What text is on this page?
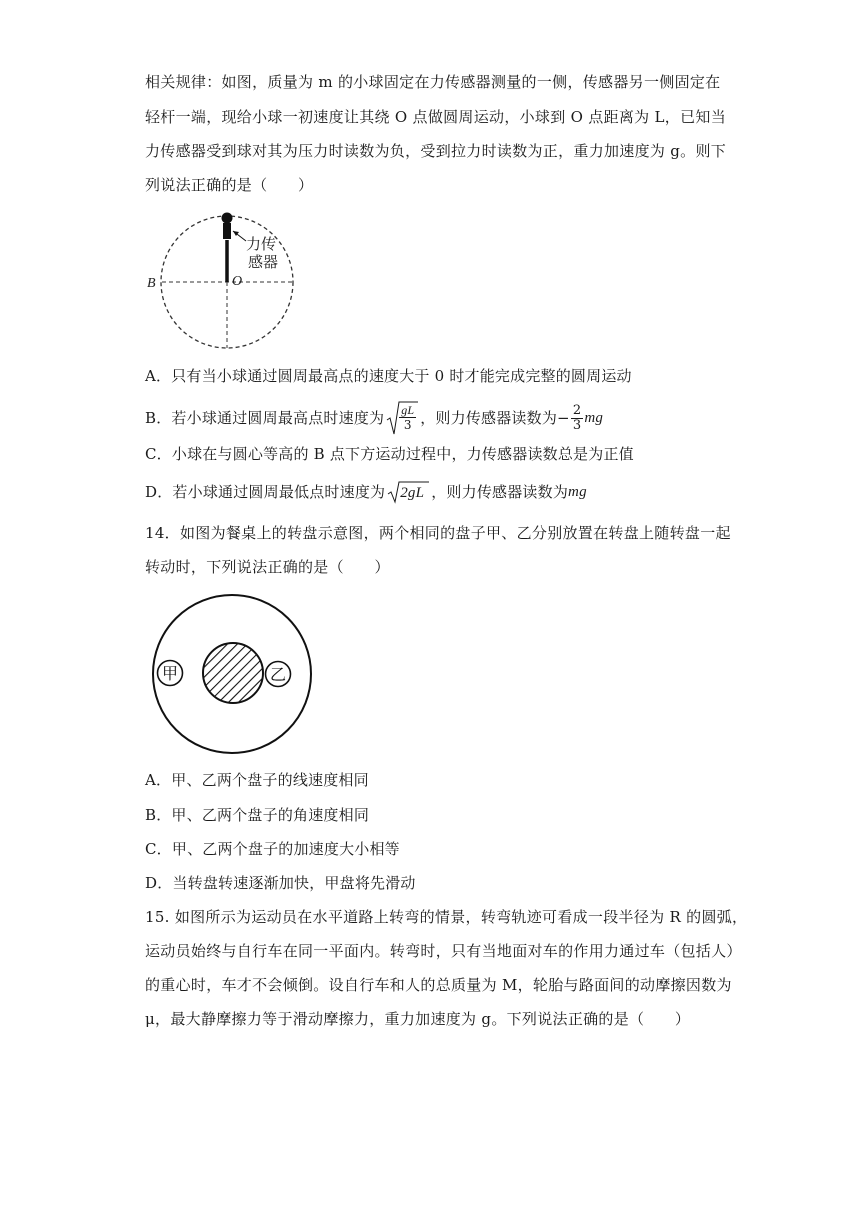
相关规律：如图，质量为 m 的小球固定在力传感器测量的一侧，传感器另一侧固定在
轻杆一端，现给小球一初速度让其绕 O 点做圆周运动，小球到 O 点距离为 L，已知当
力传感器受到球对其为压力时读数为负，受到拉力时读数为正，重力加速度为 g。则下
列说法正确的是（　　）
力传
感器
B	O
A．只有当小球通过圆周最高点的速度大于 0 时才能完成完整的圆周运动
B．若小球通过圆周最高点时速度为 $\frac{gL}{3}$ ，则力传感器读数为 − $\frac{2}{3}$ mg
C．小球在与圆心等高的 B 点下方运动过程中，力传感器读数总是为正值
D．若小球通过圆周最低点时速度为 2gL ，则力传感器读数为 mg
14．如图为餐桌上的转盘示意图，两个相同的盘子甲、乙分别放置在转盘上随转盘一起
转动时，下列说法正确的是（　　）
甲	乙
A．甲、乙两个盘子的线速度相同
B．甲、乙两个盘子的角速度相同
C．甲、乙两个盘子的加速度大小相等
D．当转盘转速逐渐加快，甲盘将先滑动
15. 如图所示为运动员在水平道路上转弯的情景，转弯轨迹可看成一段半径为 R 的圆弧，
运动员始终与自行车在同一平面内。转弯时，只有当地面对车的作用力通过车（包括人）
的重心时，车才不会倾倒。设自行车和人的总质量为 M，轮胎与路面间的动摩擦因数为
μ，最大静摩擦力等于滑动摩擦力，重力加速度为 g。下列说法正确的是（　　）
